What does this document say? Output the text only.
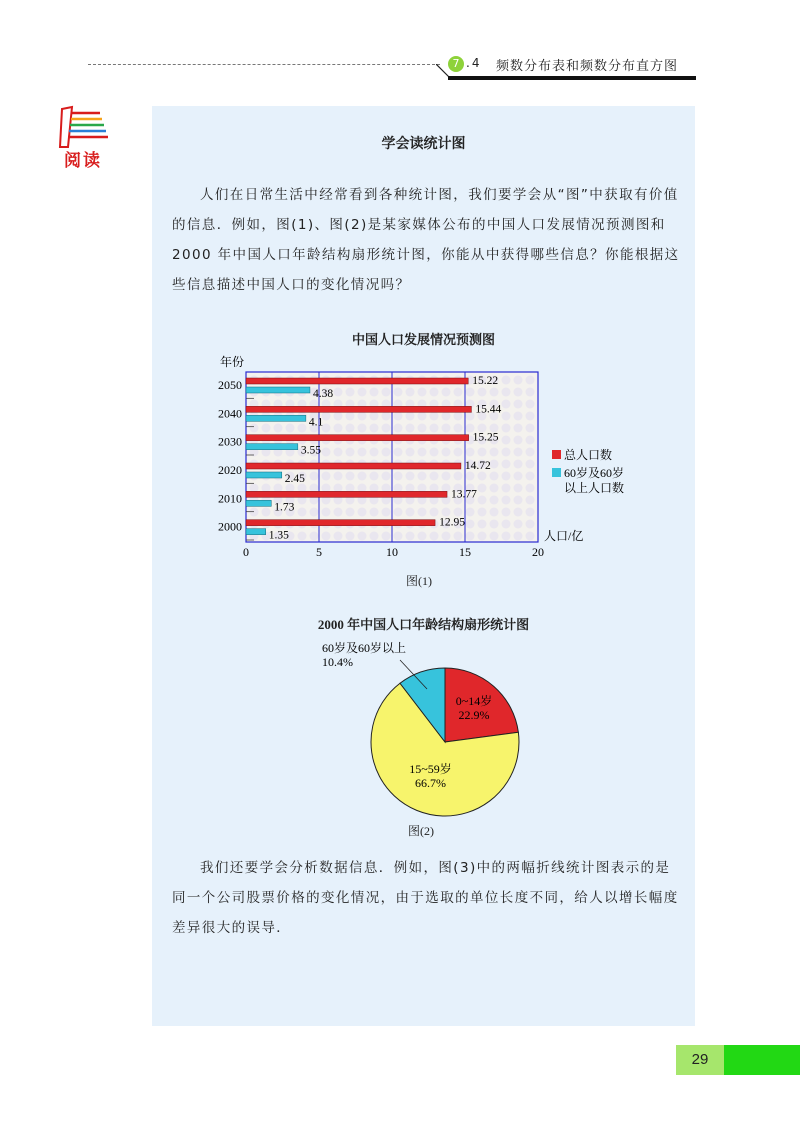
7 .4 频数分布表和频数分布直方图
阅读
学会读统计图
人们在日常生活中经常看到各种统计图，我们要学会从“图”中获取有价值的信息．例如，图(1)、图(2)是某家媒体公布的中国人口发展情况预测图和 2000 年中国人口年龄结构扇形统计图，你能从中获得哪些信息？你能根据这些信息描述中国人口的变化情况吗？
中国人口发展情况预测图
0	5	10	15	20
年份
人口/亿
2000	12.95
1.35
2010	13.77
1.73
2020	14.72
2.45
2030	15.25
3.55
2040	15.44
4.1
2050	15.22
4.38
总人口数
60岁及60岁
以上人口数
图(1)
2000 年中国人口年龄结构扇形统计图
0~14岁
22.9%
15~59岁
66.7%
60岁及60岁以上
10.4%
图(2)
我们还要学会分析数据信息．例如，图(3)中的两幅折线统计图表示的是同一个公司股票价格的变化情况，由于选取的单位长度不同，给人以增长幅度差异很大的误导．
29
